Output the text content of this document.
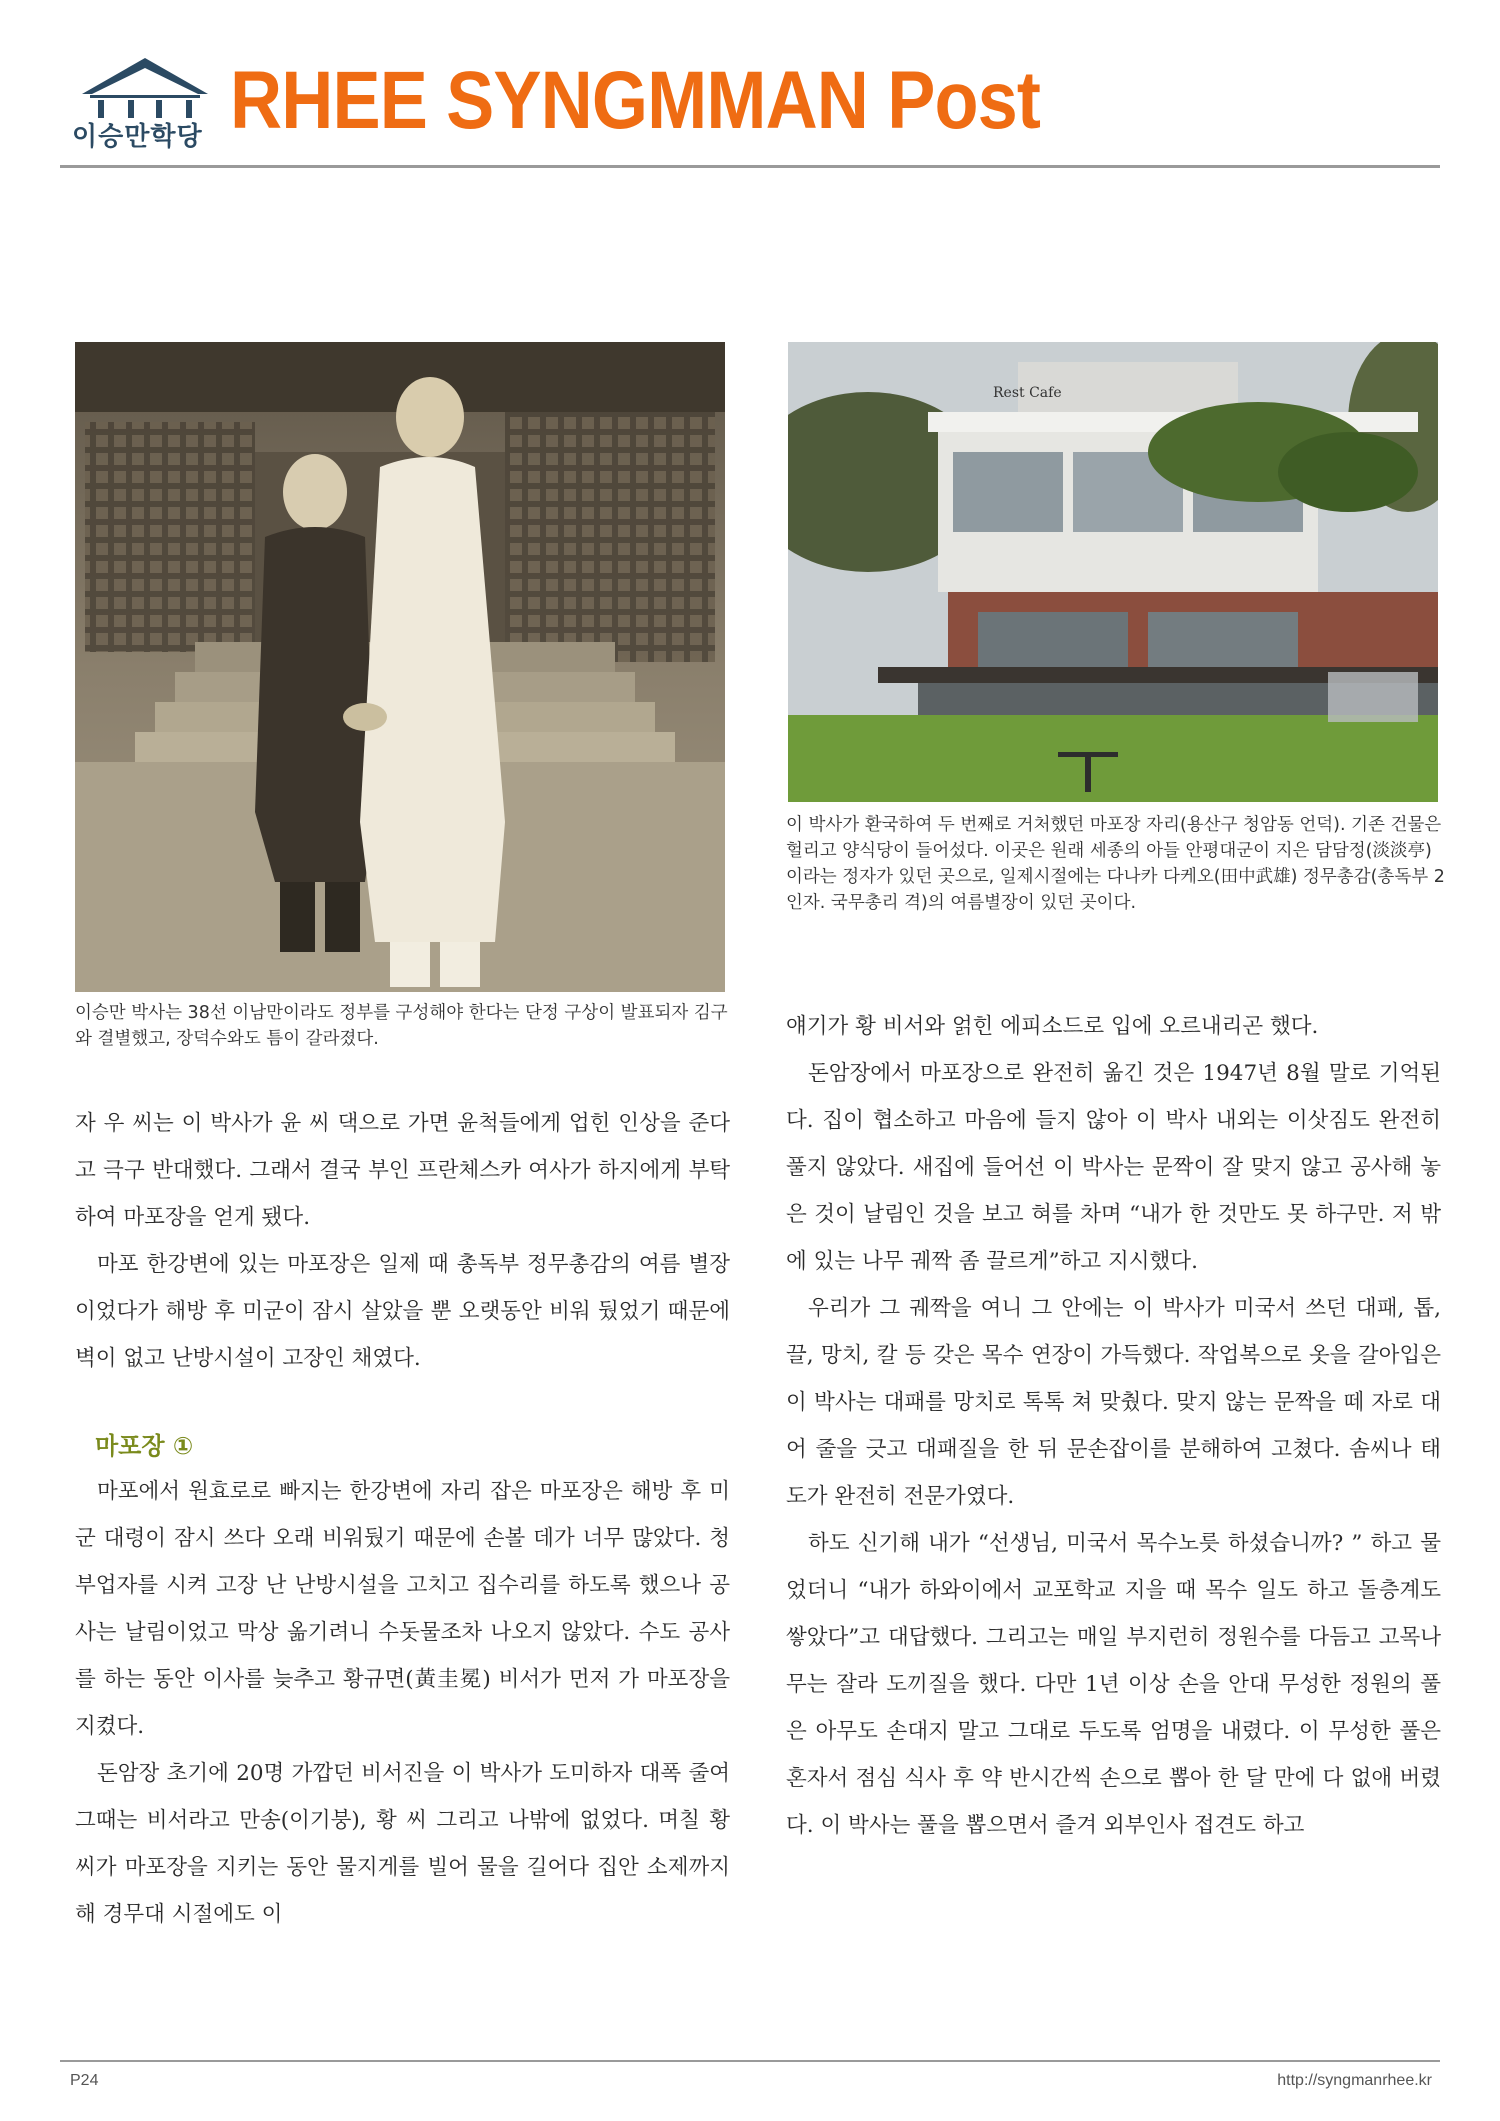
이승만학당 RHEE SYNGMMAN Post
이승만 박사는 38선 이남만이라도 정부를 구성해야 한다는 단정 구상이 발표되자 김구와 결별했고, 장덕수와도 틈이 갈라졌다.
Rest Cafe
이 박사가 환국하여 두 번째로 거처했던 마포장 자리(용산구 청암동 언덕). 기존 건물은 헐리고 양식당이 들어섰다. 이곳은 원래 세종의 아들 안평대군이 지은 담담정(淡淡亭)이라는 정자가 있던 곳으로, 일제시절에는 다나카 다케오(田中武雄) 정무총감(총독부 2인자. 국무총리 격)의 여름별장이 있던 곳이다.

자 우 씨는 이 박사가 윤 씨 댁으로 가면 윤척들에게 업힌 인상을 준다고 극구 반대했다. 그래서 결국 부인 프란체스카 여사가 하지에게 부탁하여 마포장을 얻게 됐다.

마포 한강변에 있는 마포장은 일제 때 총독부 정무총감의 여름 별장이었다가 해방 후 미군이 잠시 살았을 뿐 오랫동안 비워 뒀었기 때문에 벽이 없고 난방시설이 고장인 채였다.

마포장 ①

마포에서 원효로로 빠지는 한강변에 자리 잡은 마포장은 해방 후 미군 대령이 잠시 쓰다 오래 비워뒀기 때문에 손볼 데가 너무 많았다. 청부업자를 시켜 고장 난 난방시설을 고치고 집수리를 하도록 했으나 공사는 날림이었고 막상 옮기려니 수돗물조차 나오지 않았다. 수도 공사를 하는 동안 이사를 늦추고 황규면(黃圭冕) 비서가 먼저 가 마포장을 지켰다.

돈암장 초기에 20명 가깝던 비서진을 이 박사가 도미하자 대폭 줄여 그때는 비서라고 만송(이기붕), 황 씨 그리고 나밖에 없었다. 며칠 황 씨가 마포장을 지키는 동안 물지게를 빌어 물을 길어다 집안 소제까지 해 경무대 시절에도 이

얘기가 황 비서와 얽힌 에피소드로 입에 오르내리곤 했다.

돈암장에서 마포장으로 완전히 옮긴 것은 1947년 8월 말로 기억된다. 집이 협소하고 마음에 들지 않아 이 박사 내외는 이삿짐도 완전히 풀지 않았다. 새집에 들어선 이 박사는 문짝이 잘 맞지 않고 공사해 놓은 것이 날림인 것을 보고 혀를 차며 “내가 한 것만도 못 하구만. 저 밖에 있는 나무 궤짝 좀 끌르게”하고 지시했다.

우리가 그 궤짝을 여니 그 안에는 이 박사가 미국서 쓰던 대패, 톱, 끌, 망치, 칼 등 갖은 목수 연장이 가득했다. 작업복으로 옷을 갈아입은 이 박사는 대패를 망치로 톡톡 쳐 맞췄다. 맞지 않는 문짝을 떼 자로 대어 줄을 긋고 대패질을 한 뒤 문손잡이를 분해하여 고쳤다. 솜씨나 태도가 완전히 전문가였다.

하도 신기해 내가 “선생님, 미국서 목수노릇 하셨습니까? ” 하고 물었더니 “내가 하와이에서 교포학교 지을 때 목수 일도 하고 돌층계도 쌓았다”고 대답했다. 그리고는 매일 부지런히 정원수를 다듬고 고목나무는 잘라 도끼질을 했다. 다만 1년 이상 손을 안대 무성한 정원의 풀은 아무도 손대지 말고 그대로 두도록 엄명을 내렸다. 이 무성한 풀은 혼자서 점심 식사 후 약 반시간씩 손으로 뽑아 한 달 만에 다 없애 버렸다. 이 박사는 풀을 뽑으면서 즐겨 외부인사 접견도 하고

P24	http://syngmanrhee.kr
